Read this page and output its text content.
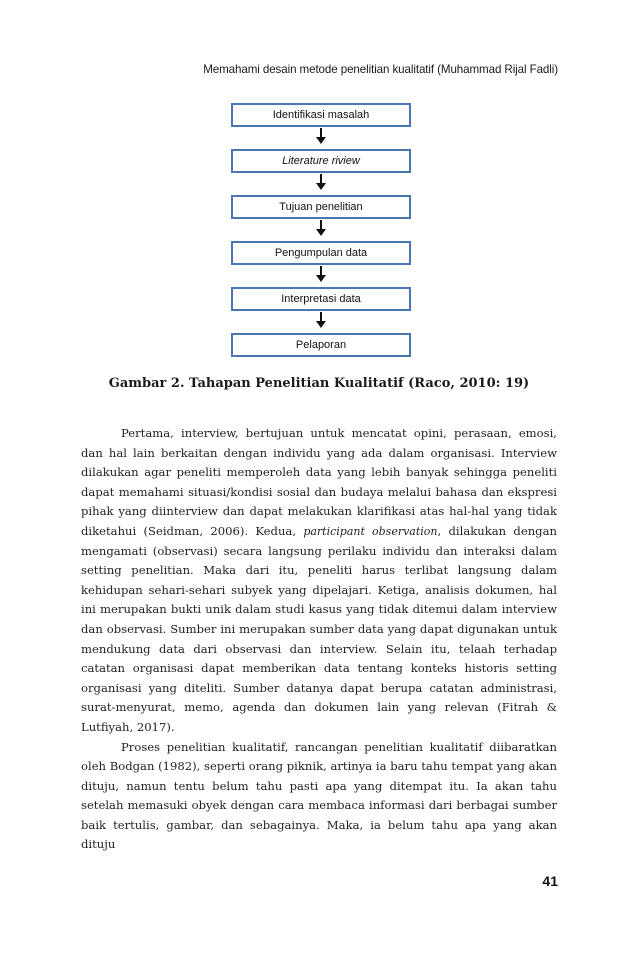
Memahami desain metode penelitian kualitatif (Muhammad Rijal Fadli)
Identifikasi masalah
Literature riview
Tujuan penelitian
Pengumpulan data
Interpretasi data
Pelaporan
Gambar 2. Tahapan Penelitian Kualitatif (Raco, 2010: 19)

Pertama, interview, bertujuan untuk mencatat opini, perasaan, emosi, dan hal lain berkaitan dengan individu yang ada dalam organisasi. Interview dilakukan agar peneliti memperoleh data yang lebih banyak sehingga peneliti dapat memahami situasi/kondisi sosial dan budaya melalui bahasa dan ekspresi pihak yang diinterview dan dapat melakukan klarifikasi atas hal-hal yang tidak diketahui (Seidman, 2006). Kedua, participant observation, dilakukan dengan mengamati (observasi) secara langsung perilaku individu dan interaksi dalam setting penelitian. Maka dari itu, peneliti harus terlibat langsung dalam kehidupan sehari-sehari subyek yang dipelajari. Ketiga, analisis dokumen, hal ini merupakan bukti unik dalam studi kasus yang tidak ditemui dalam interview dan observasi. Sumber ini merupakan sumber data yang dapat digunakan untuk mendukung data dari observasi dan interview. Selain itu, telaah terhadap catatan organisasi dapat memberikan data tentang konteks historis setting organisasi yang diteliti. Sumber datanya dapat berupa catatan administrasi, surat-menyurat, memo, agenda dan dokumen lain yang relevan (Fitrah & Lutfiyah, 2017).

Proses penelitian kualitatif, rancangan penelitian kualitatif diibaratkan oleh Bodgan (1982), seperti orang piknik, artinya ia baru tahu tempat yang akan dituju, namun tentu belum tahu pasti apa yang ditempat itu. Ia akan tahu setelah memasuki obyek dengan cara membaca informasi dari berbagai sumber baik tertulis, gambar, dan sebagainya. Maka, ia belum tahu apa yang akan dituju

41
